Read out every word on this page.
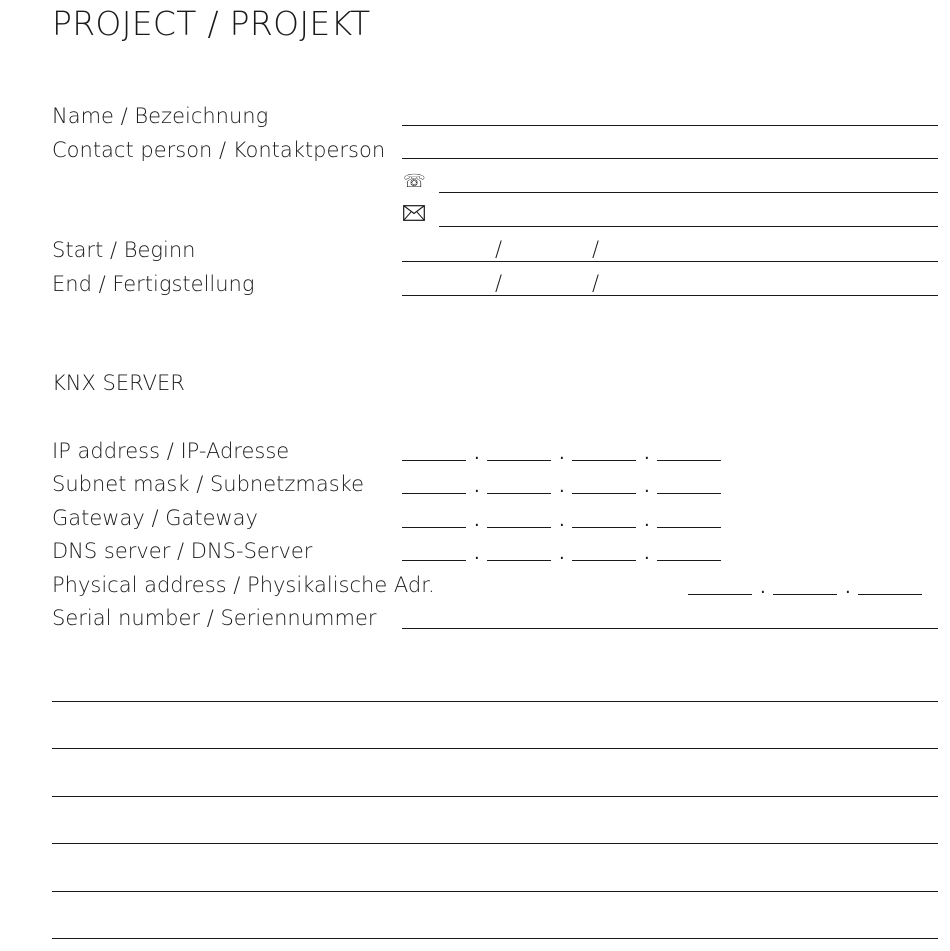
PROJECT / PROJEKT
Name / Bezeichnung
Contact person / Kontaktperson
☏
Start / Beginn	/	/
End / Fertigstellung	/	/
KNX SERVER
IP address / IP-Adresse	.	.	.
Subnet mask / Subnetzmaske	.	.	.
Gateway / Gateway	.	.	.
DNS server / DNS-Server	.	.	.
Physical address / Physikalische Adr.	.	.
Serial number / Seriennummer
